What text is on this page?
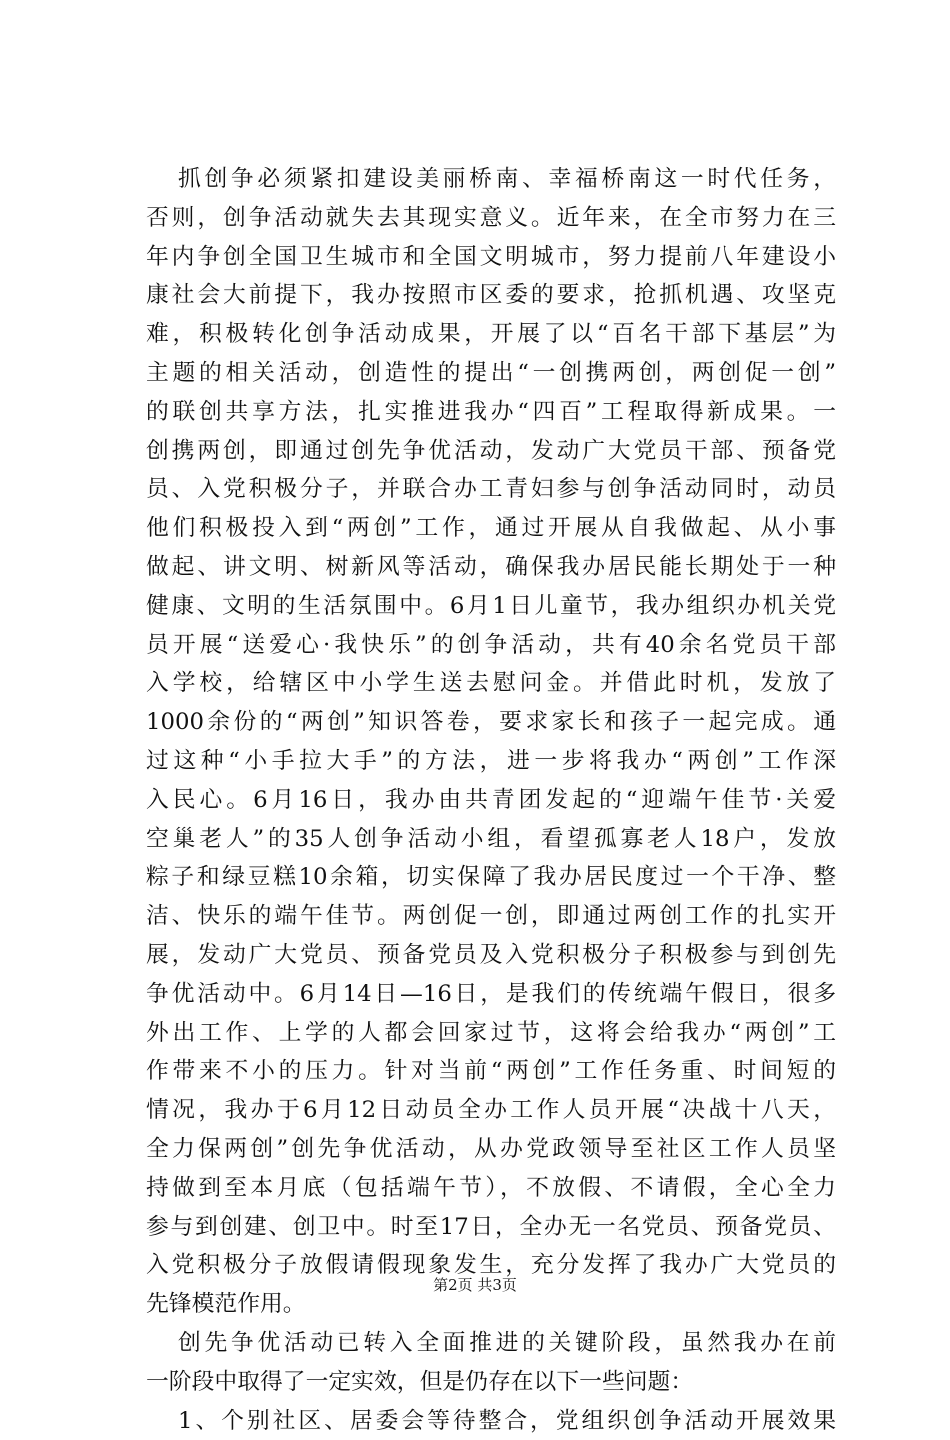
抓创争必须紧扣建设美丽桥南、幸福桥南这一时代任务，
否则，创争活动就失去其现实意义。近年来，在全市努力在三
年内争创全国卫生城市和全国文明城市，努力提前八年建设小
康社会大前提下，我办按照市区委的要求，抢抓机遇、攻坚克
难，积极转化创争活动成果，开展了以“百名干部下基层”为
主题的相关活动，创造性的提出“一创携两创，两创促一创”
的联创共享方法，扎实推进我办“四百”工程取得新成果。一
创携两创，即通过创先争优活动，发动广大党员干部、预备党
员、入党积极分子，并联合办工青妇参与创争活动同时，动员
他们积极投入到“两创”工作，通过开展从自我做起、从小事
做起、讲文明、树新风等活动，确保我办居民能长期处于一种
健康、文明的生活氛围中。6月1日儿童节，我办组织办机关党
员开展“送爱心·我快乐”的创争活动，共有40余名党员干部
入学校，给辖区中小学生送去慰问金。并借此时机，发放了
1000余份的“两创”知识答卷，要求家长和孩子一起完成。通
过这种“小手拉大手”的方法，进一步将我办“两创”工作深
入民心。6月16日，我办由共青团发起的“迎端午佳节·关爱
空巢老人”的35人创争活动小组，看望孤寡老人18户，发放
粽子和绿豆糕10余箱，切实保障了我办居民度过一个干净、整
洁、快乐的端午佳节。两创促一创，即通过两创工作的扎实开
展，发动广大党员、预备党员及入党积极分子积极参与到创先
争优活动中。6月14日—16日，是我们的传统端午假日，很多
外出工作、上学的人都会回家过节，这将会给我办“两创”工
作带来不小的压力。针对当前“两创”工作任务重、时间短的
情况，我办于6月12日动员全办工作人员开展“决战十八天，
全力保两创”创先争优活动，从办党政领导至社区工作人员坚
持做到至本月底（包括端午节），不放假、不请假，全心全力
参与到创建、创卫中。时至17日，全办无一名党员、预备党员、
入党积极分子放假请假现象发生，充分发挥了我办广大党员的
先锋模范作用。
创先争优活动已转入全面推进的关键阶段，虽然我办在前
一阶段中取得了一定实效，但是仍存在以下一些问题：
1、个别社区、居委会等待整合，党组织创争活动开展效果
第2页 共3页
